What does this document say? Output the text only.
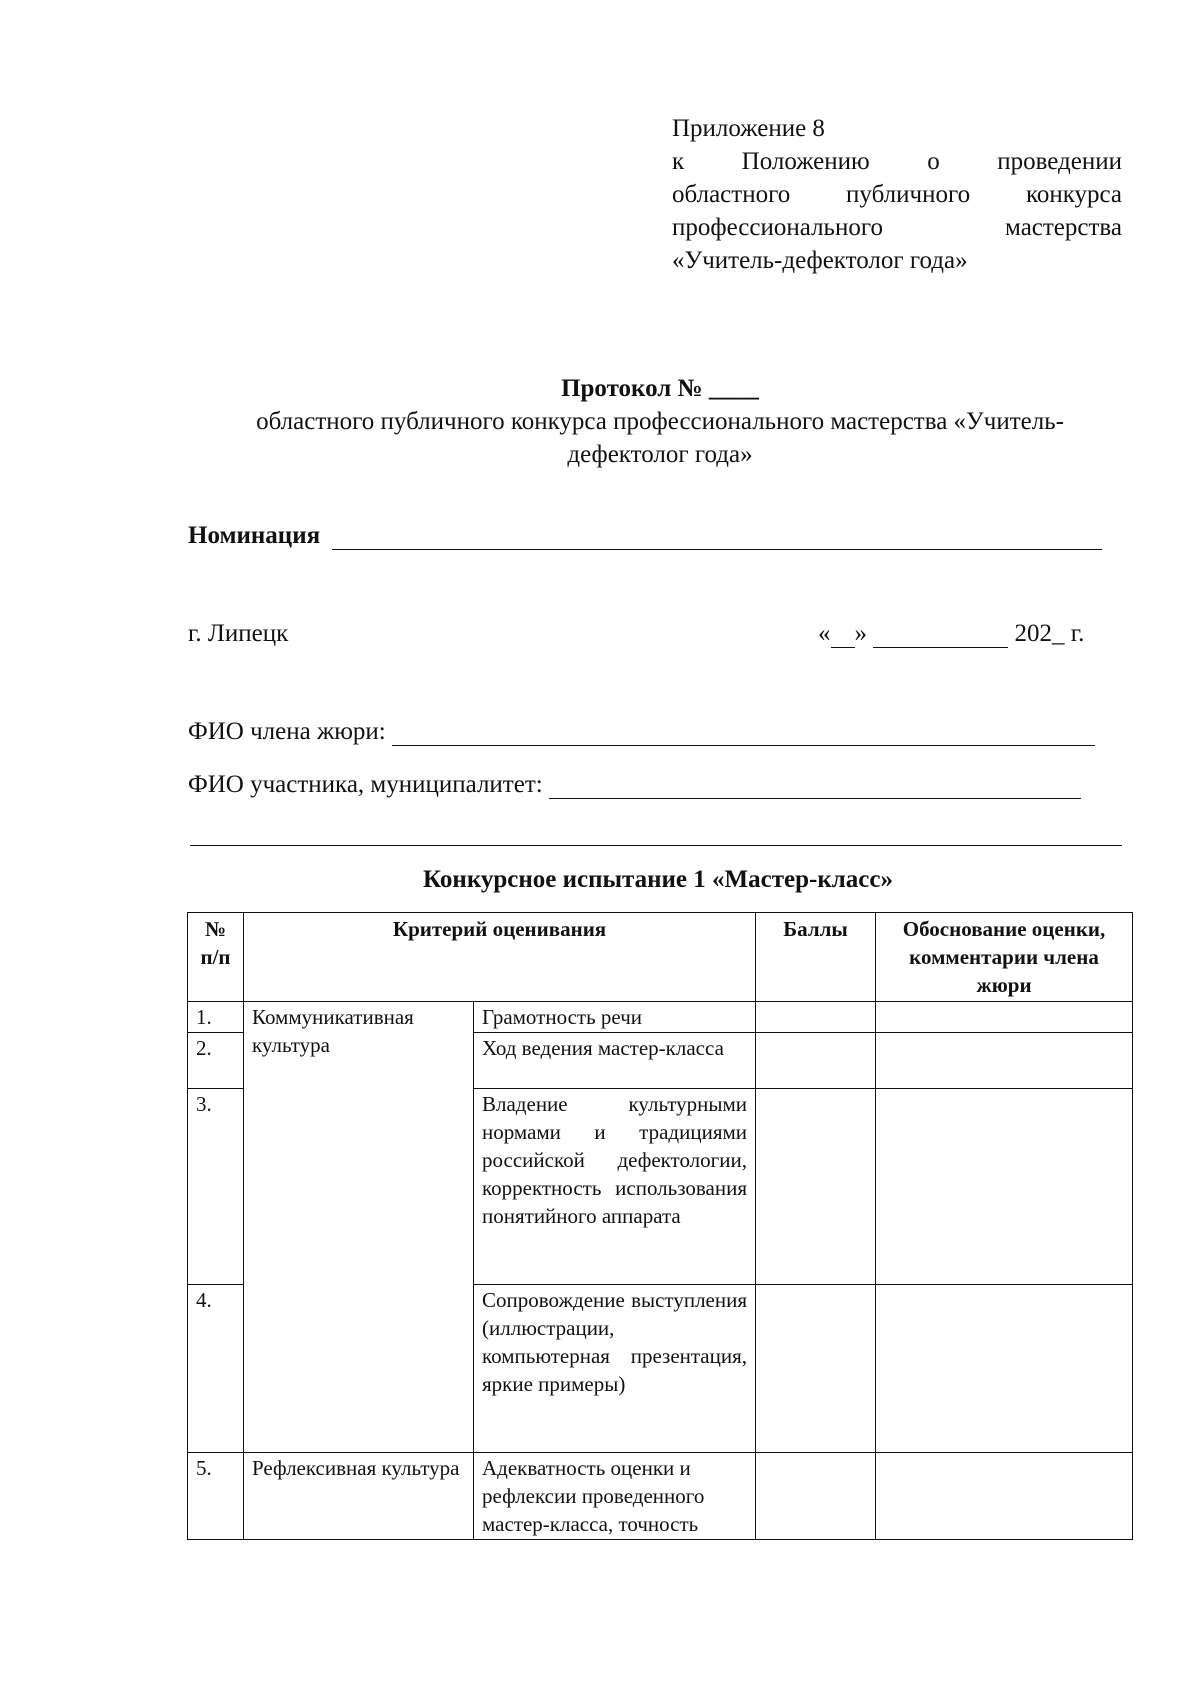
Приложение 8
к Положению о проведении
областного публичного конкурса
профессионального мастерства
«Учитель-дефектолог года»
Протокол № ____
областного публичного конкурса профессионального мастерства «Учитель-
дефектолог года»
Номинация
г. Липецк	« »	202_ г.
ФИО члена жюри:
ФИО участника, муниципалитет:
Конкурсное испытание 1 «Мастер-класс»
№ п/п	Критерий оценивания		Баллы	Обоснование оценки, комментарии члена жюри
1.	Коммуникативная культура	Грамотность речи		
2.		Ход ведения мастер-класса		
3.		Владение культурными нормами и традициями российской дефектологии, корректность использования понятийного аппарата		
4.		Сопровождение выступления (иллюстрации, компьютерная презентация, яркие примеры)		
5.	Рефлексивная культура	Адекватность оценки и рефлексии проведенного мастер-класса, точность		
